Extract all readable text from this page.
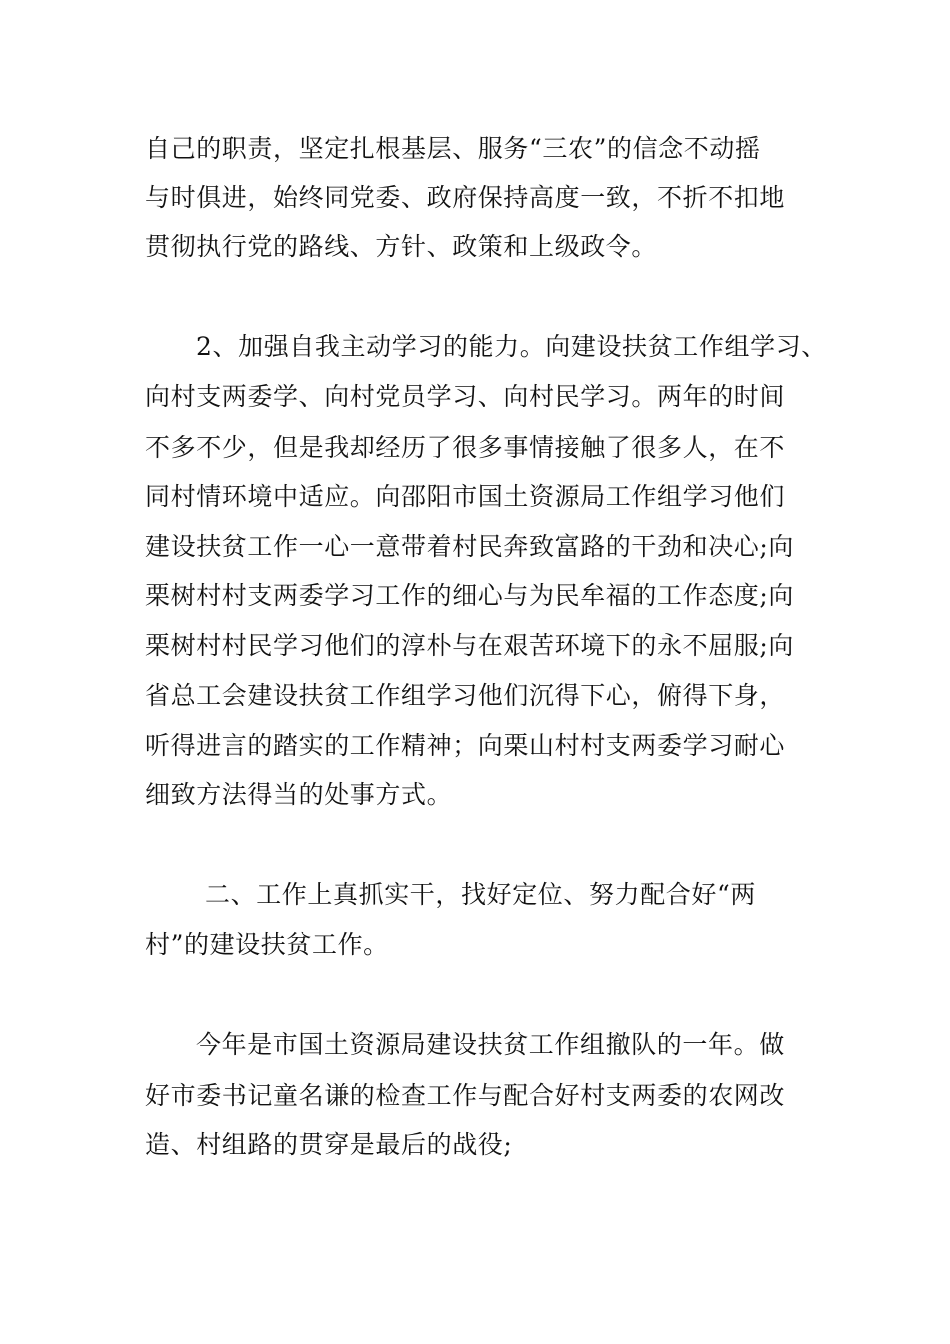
自己的职责，坚定扎根基层、服务“三农”的信念不动摇

与时俱进，始终同党委、政府保持高度一致，不折不扣地

贯彻执行党的路线、方针、政策和上级政令。

2、加强自我主动学习的能力。向建设扶贫工作组学习、

向村支两委学、向村党员学习、向村民学习。两年的时间

不多不少，但是我却经历了很多事情接触了很多人，在不

同村情环境中适应。向邵阳市国土资源局工作组学习他们

建设扶贫工作一心一意带着村民奔致富路的干劲和决心;向

栗树村村支两委学习工作的细心与为民牟福的工作态度;向

栗树村村民学习他们的淳朴与在艰苦环境下的永不屈服;向

省总工会建设扶贫工作组学习他们沉得下心，俯得下身，

听得进言的踏实的工作精神；向栗山村村支两委学习耐心

细致方法得当的处事方式。

二、工作上真抓实干，找好定位、努力配合好“两

村”的建设扶贫工作。

今年是市国土资源局建设扶贫工作组撤队的一年。做

好市委书记童名谦的检查工作与配合好村支两委的农网改

造、村组路的贯穿是最后的战役;
